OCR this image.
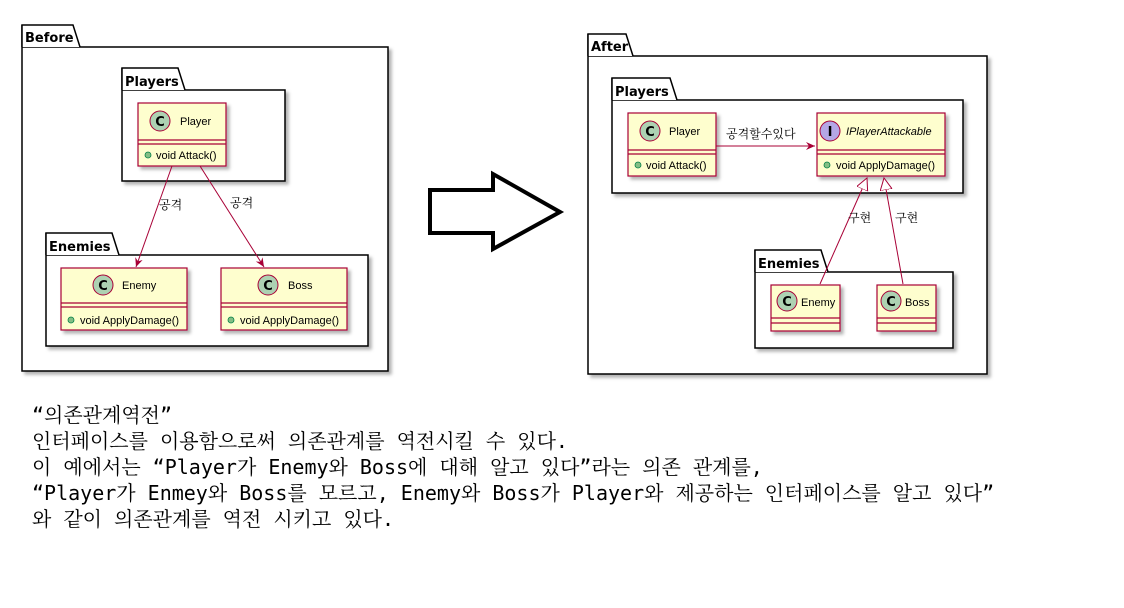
Before
Players
C Player
void Attack()
Enemies
C Enemy
void ApplyDamage()
C Boss
void ApplyDamage()
공격	공격
After
Players
C Player
void Attack()
I IPlayerAttackable
void ApplyDamage()
Enemies
C Enemy	C Boss
공격할수있다
구현 구현
“의존관계역전”
인터페이스를 이용함으로써 의존관계를 역전시킬 수 있다.
이 예에서는 “Player가 Enemy와 Boss에 대해 알고 있다”라는 의존 관계를,
“Player가 Enmey와 Boss를 모르고, Enemy와 Boss가 Player와 제공하는 인터페이스를 알고 있다”
와 같이 의존관계를 역전 시키고 있다.
